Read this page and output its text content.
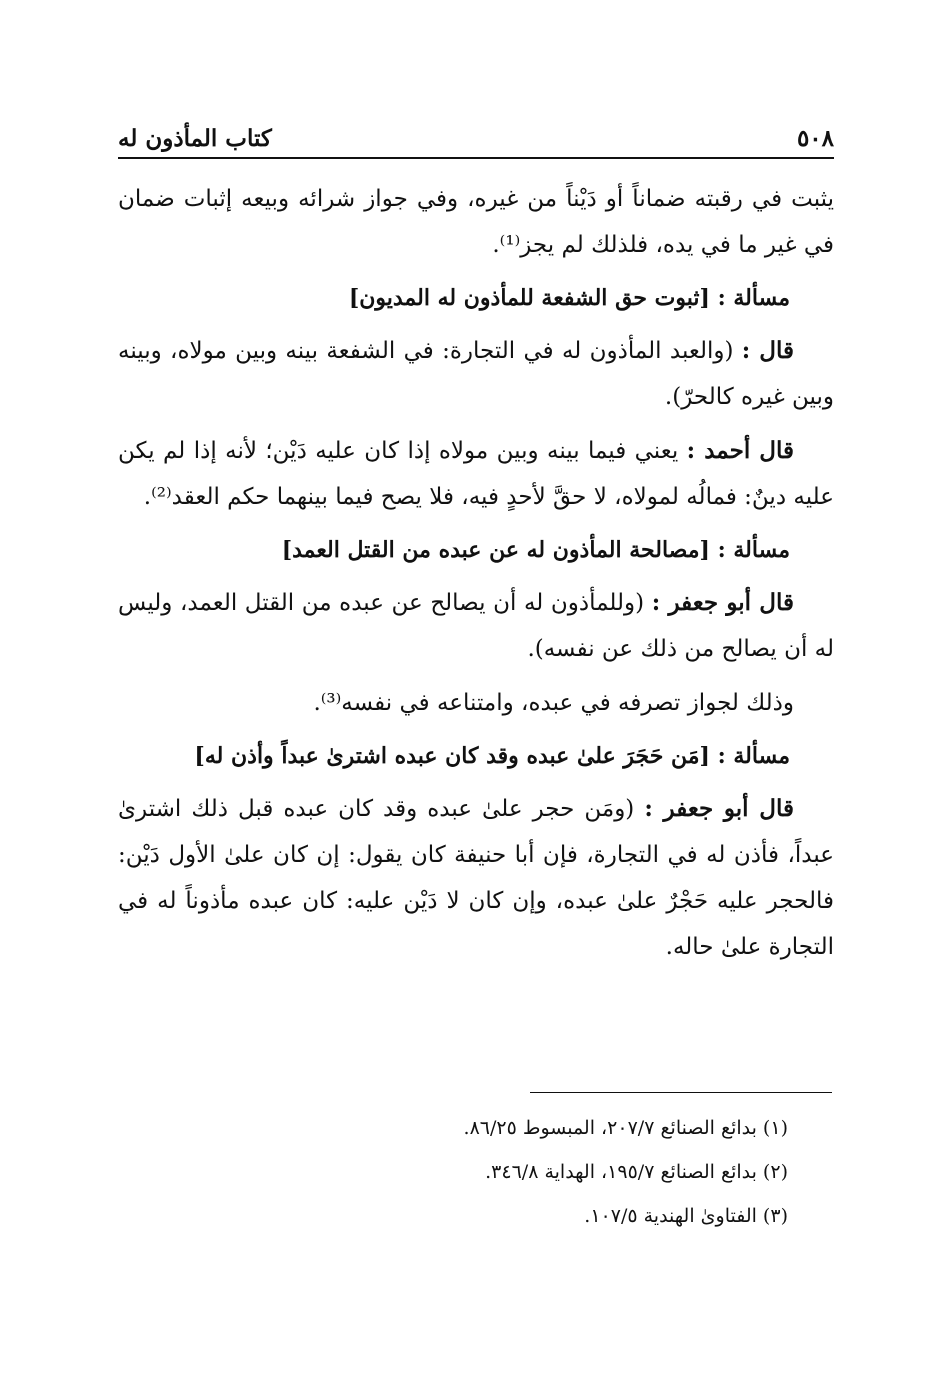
٥٠٨
كتاب المأذون له

يثبت في رقبته ضماناً أو دَيْناً من غيره، وفي جواز شرائه وبيعه إثبات ضمان في غير ما في يده، فلذلك لم يجز⁽¹⁾.

مسألة : [ثبوت حق الشفعة للمأذون له المديون]

قال : (والعبد المأذون له في التجارة: في الشفعة بينه وبين مولاه، وبينه وبين غيره كالحرّ).

قال أحمد : يعني فيما بينه وبين مولاه إذا كان عليه دَيْن؛ لأنه إذا لم يكن عليه دينٌ: فمالُه لمولاه، لا حقَّ لأحدٍ فيه، فلا يصح فيما بينهما حكم العقد⁽²⁾.

مسألة : [مصالحة المأذون له عن عبده من القتل العمد]

قال أبو جعفر : (وللمأذون له أن يصالح عن عبده من القتل العمد، وليس له أن يصالح من ذلك عن نفسه).

وذلك لجواز تصرفه في عبده، وامتناعه في نفسه⁽³⁾.

مسألة : [مَن حَجَرَ علىٰ عبده وقد كان عبده اشترىٰ عبداً وأذن له]

قال أبو جعفر : (ومَن حجر علىٰ عبده وقد كان عبده قبل ذلك اشترىٰ عبداً، فأذن له في التجارة، فإن أبا حنيفة كان يقول: إن كان علىٰ الأول دَيْن: فالحجر عليه حَجْرٌ علىٰ عبده، وإن كان لا دَيْن عليه: كان عبده مأذوناً له في التجارة علىٰ حاله.

(١) بدائع الصنائع ٢٠٧/٧، المبسوط ٨٦/٢٥.
(٢) بدائع الصنائع ١٩٥/٧، الهداية ٣٤٦/٨.
(٣) الفتاوىٰ الهندية ١٠٧/٥.
